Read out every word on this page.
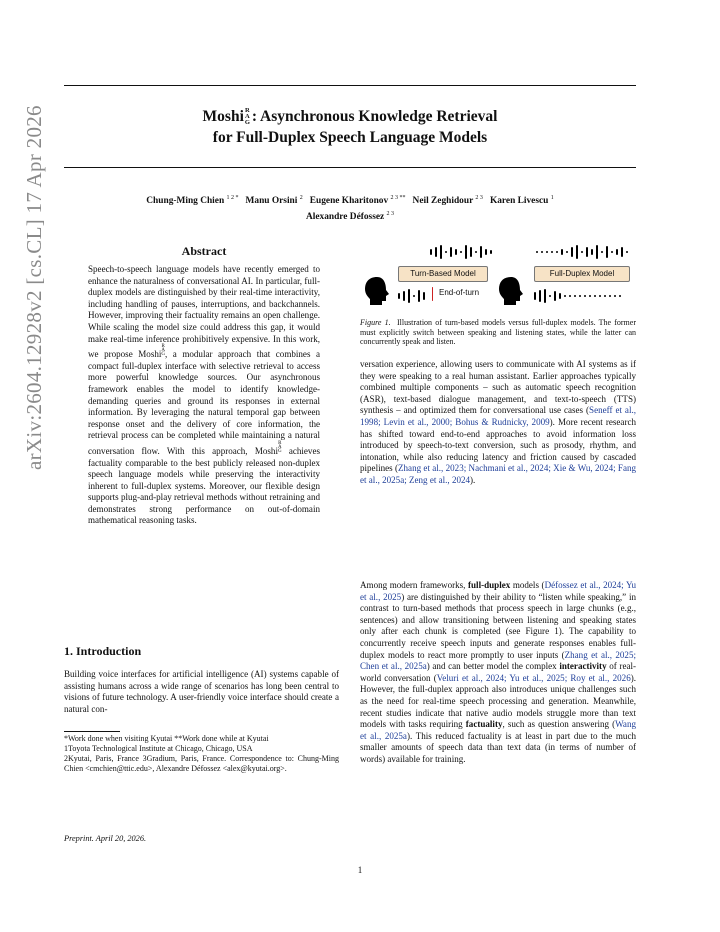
arXiv:2604.12928v2 [cs.CL] 17 Apr 2026	Moshi R
A
G : Asynchronous Knowledge Retrieval
for Full-Duplex Speech Language Models
Chung-Ming Chien $^{1 2 *}$ Manu Orsini $^2$ Eugene Kharitonov $^{2 3 **}$ Neil Zeghidour $^{2 3}$ Karen Livescu $^1$
Alexandre Défossez $^{2 3}$
Abstract
Speech-to-speech language models have recently emerged to enhance the naturalness of conversational AI. In particular, full-duplex models are distinguished by their real-time interactivity, including handling of pauses, interruptions, and backchannels. However, improving their factuality remains an open challenge. While scaling the model size could address this gap, it would make real-time inference prohibitively expensive. In this work, we propose MoshiR
A
G, a modular approach that combines a compact full-duplex interface with selective retrieval to access more powerful knowledge sources. Our asynchronous framework enables the model to identify knowledge-demanding queries and ground its responses in external information. By leveraging the natural temporal gap between response onset and the delivery of core information, the retrieval process can be completed while maintaining a natural conversation flow. With this approach, MoshiR
A
G achieves factuality comparable to the best publicly released non-duplex speech language models while preserving the interactivity inherent to full-duplex systems. Moreover, our flexible design supports plug-and-play retrieval methods without retraining and demonstrates strong performance on out-of-domain mathematical reasoning tasks.
1. Introduction
Building voice interfaces for artificial intelligence (AI) systems capable of assisting humans across a wide range of scenarios has long been central to visions of future technology. A user-friendly voice interface should create a natural con-
*Work done when visiting Kyutai **Work done while at Kyutai
1Toyota Technological Institute at Chicago, Chicago, USA
2Kyutai, Paris, France 3Gradium, Paris, France. Correspondence to: Chung-Ming Chien <cmchien@ttic.edu>, Alexandre Défossez <alex@kyutai.org>.
Preprint. April 20, 2026.
1
Turn-Based Model	Full-Duplex Model
End-of-turn
Figure 1. Illustration of turn-based models versus full-duplex models. The former must explicitly switch between speaking and listening states, while the latter can concurrently speak and listen.
versation experience, allowing users to communicate with AI systems as if they were speaking to a real human assistant. Earlier approaches typically combined multiple components – such as automatic speech recognition (ASR), text-based dialogue management, and text-to-speech (TTS) synthesis – and optimized them for conversational use cases (Seneff et al., 1998; Levin et al., 2000; Bohus & Rudnicky, 2009). More recent research has shifted toward end-to-end approaches to avoid information loss introduced by speech-to-text conversion, such as prosody, rhythm, and intonation, while also reducing latency and friction caused by cascaded pipelines (Zhang et al., 2023; Nachmani et al., 2024; Xie & Wu, 2024; Fang et al., 2025a; Zeng et al., 2024).
Among modern frameworks, full-duplex models (Défossez et al., 2024; Yu et al., 2025) are distinguished by their ability to “listen while speaking,” in contrast to turn-based methods that process speech in large chunks (e.g., sentences) and allow transitioning between listening and speaking states only after each chunk is completed (see Figure 1). The capability to concurrently receive speech inputs and generate responses enables full-duplex models to react more promptly to user inputs (Zhang et al., 2025; Chen et al., 2025a) and can better model the complex interactivity of real-world conversation (Veluri et al., 2024; Yu et al., 2025; Roy et al., 2026). However, the full-duplex approach also introduces unique challenges such as the need for real-time speech processing and generation. Meanwhile, recent studies indicate that native audio models struggle more than text models with tasks requiring factuality, such as question answering (Wang et al., 2025a). This reduced factuality is at least in part due to the much smaller amounts of speech data than text data (in terms of number of words) available for training.
